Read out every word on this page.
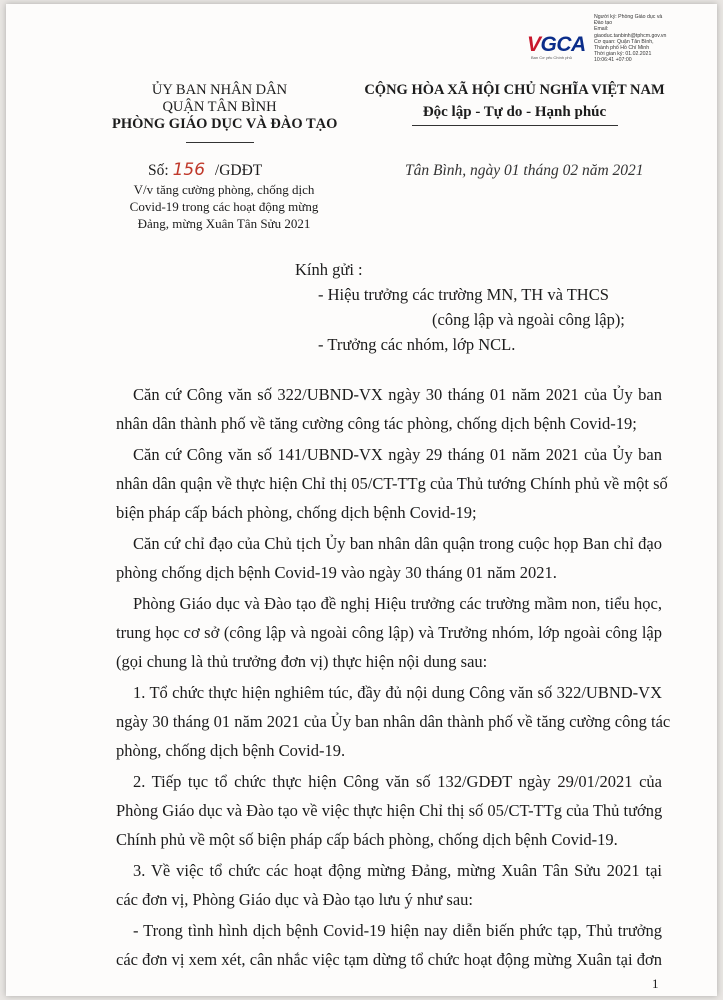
VGCA
Ban Cơ yếu Chính phủ
Người ký: Phòng Giáo dục và
Đào tạo
Email:
giaoduc.tanbinh@tphcm.gov.vn
Cơ quan: Quận Tân Bình,
Thành phố Hồ Chí Minh
Thời gian ký: 01.02.2021
10:06:41 +07:00
ỦY BAN NHÂN DÂN
QUẬN TÂN BÌNH
PHÒNG GIÁO DỤC VÀ ĐÀO TẠO
CỘNG HÒA XÃ HỘI CHỦ NGHĨA VIỆT NAM
Độc lập - Tự do - Hạnh phúc
Số: 156 /GDĐT
V/v tăng cường phòng, chống dịch
Covid-19 trong các hoạt động mừng
Đảng, mừng Xuân Tân Sửu 2021
Tân Bình, ngày 01 tháng 02 năm 2021
Kính gửi :
- Hiệu trưởng các trường MN, TH và THCS
(công lập và ngoài công lập);
- Trưởng các nhóm, lớp NCL.
Căn cứ Công văn số 322/UBND-VX ngày 30 tháng 01 năm 2021 của Ủy ban
nhân dân thành phố về tăng cường công tác phòng, chống dịch bệnh Covid-19;
Căn cứ Công văn số 141/UBND-VX ngày 29 tháng 01 năm 2021 của Ủy ban
nhân dân quận về thực hiện Chỉ thị 05/CT-TTg của Thủ tướng Chính phủ về một số
biện pháp cấp bách phòng, chống dịch bệnh Covid-19;
Căn cứ chỉ đạo của Chủ tịch Ủy ban nhân dân quận trong cuộc họp Ban chỉ đạo
phòng chống dịch bệnh Covid-19 vào ngày 30 tháng 01 năm 2021.
Phòng Giáo dục và Đào tạo đề nghị Hiệu trưởng các trường mầm non, tiểu học,
trung học cơ sở (công lập và ngoài công lập) và Trưởng nhóm, lớp ngoài công lập
(gọi chung là thủ trưởng đơn vị) thực hiện nội dung sau:
1. Tổ chức thực hiện nghiêm túc, đầy đủ nội dung Công văn số 322/UBND-VX
ngày 30 tháng 01 năm 2021 của Ủy ban nhân dân thành phố về tăng cường công tác
phòng, chống dịch bệnh Covid-19.
2. Tiếp tục tổ chức thực hiện Công văn số 132/GDĐT ngày 29/01/2021 của
Phòng Giáo dục và Đào tạo về việc thực hiện Chỉ thị số 05/CT-TTg của Thủ tướng
Chính phủ về một số biện pháp cấp bách phòng, chống dịch bệnh Covid-19.
3. Về việc tổ chức các hoạt động mừng Đảng, mừng Xuân Tân Sửu 2021 tại
các đơn vị, Phòng Giáo dục và Đào tạo lưu ý như sau:
- Trong tình hình dịch bệnh Covid-19 hiện nay diễn biến phức tạp, Thủ trưởng
các đơn vị xem xét, cân nhắc việc tạm dừng tổ chức hoạt động mừng Xuân tại đơn
1
